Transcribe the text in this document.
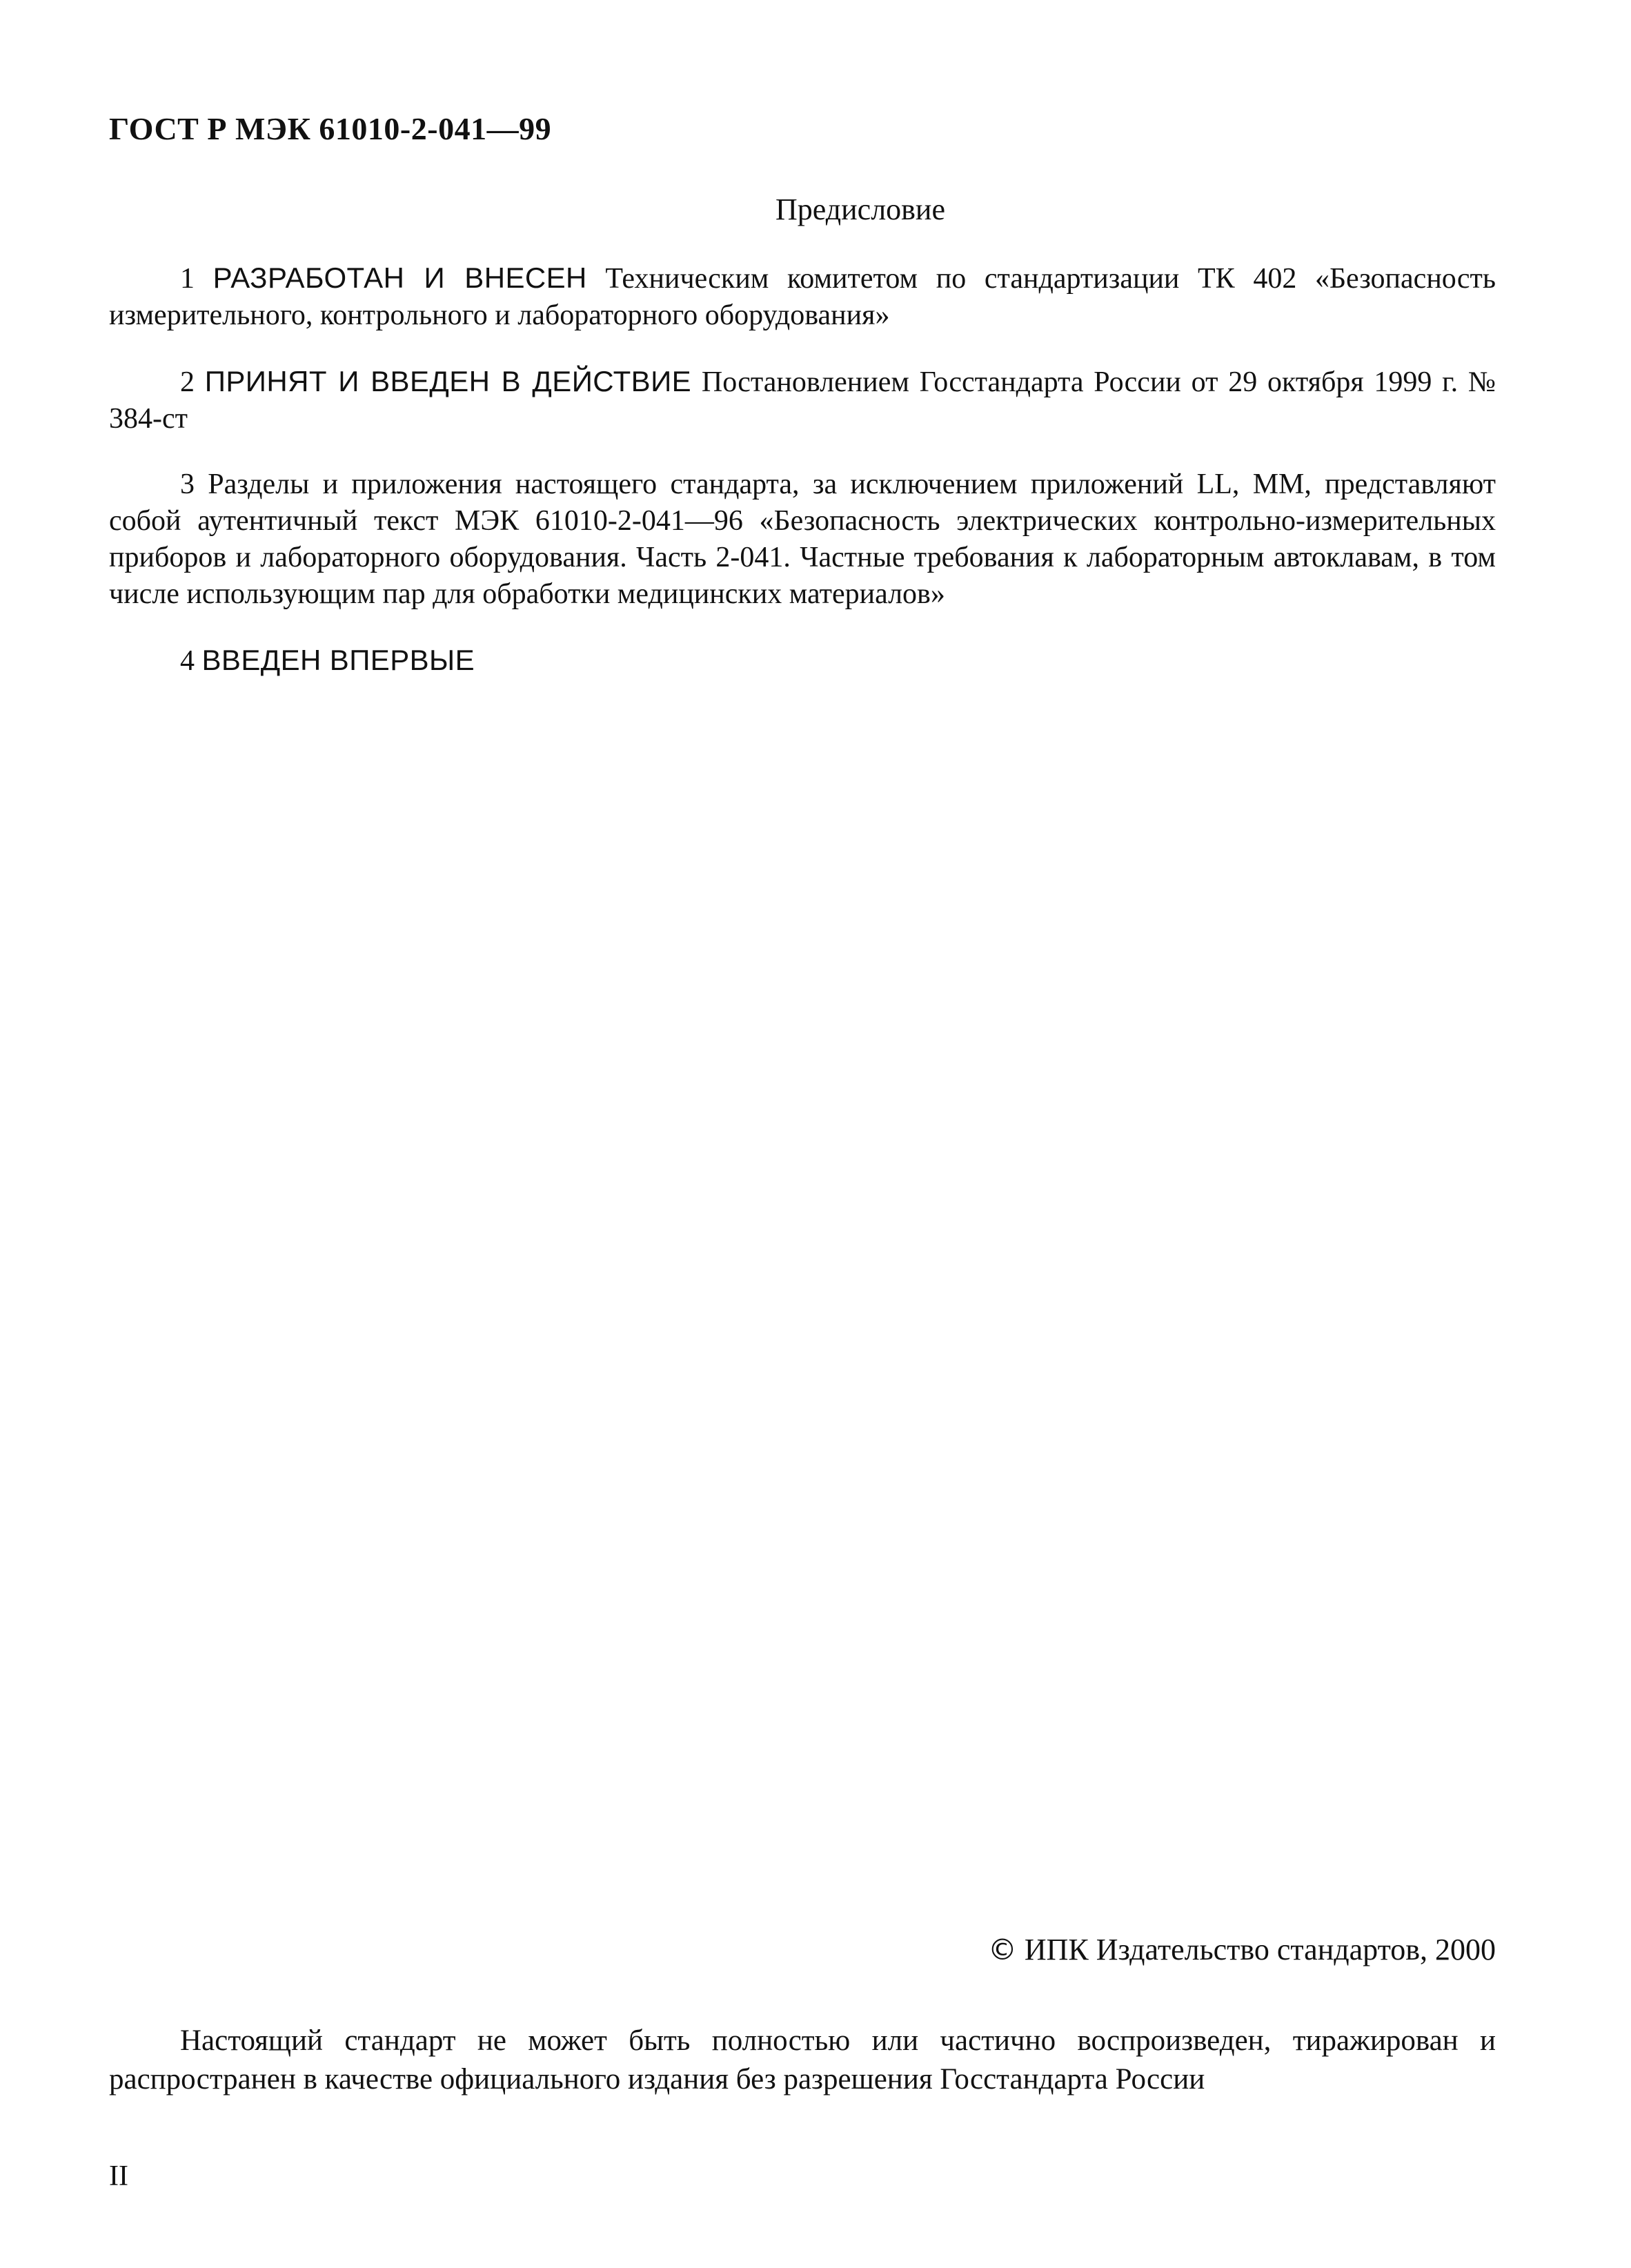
ГОСТ Р МЭК 61010-2-041—99
Предисловие

1 РАЗРАБОТАН И ВНЕСЕН Техническим комитетом по стандартизации ТК 402 «Безопасность измерительного, контрольного и лабораторного оборудования»

2 ПРИНЯТ И ВВЕДЕН В ДЕЙСТВИЕ Постановлением Госстандарта России от 29 октября 1999 г. № 384-ст

3 Разделы и приложения настоящего стандарта, за исключением приложений LL, ММ, представляют собой аутентичный текст МЭК 61010-2-041—96 «Безопасность электрических контрольно-измерительных приборов и лабораторного оборудования. Часть 2-041. Частные требования к лабораторным автоклавам, в том числе использующим пар для обработки медицинских материалов»

4 ВВЕДЕН ВПЕРВЫЕ

© ИПК Издательство стандартов, 2000

Настоящий стандарт не может быть полностью или частично воспроизведен, тиражирован и распространен в качестве официального издания без разрешения Госстандарта России

II
